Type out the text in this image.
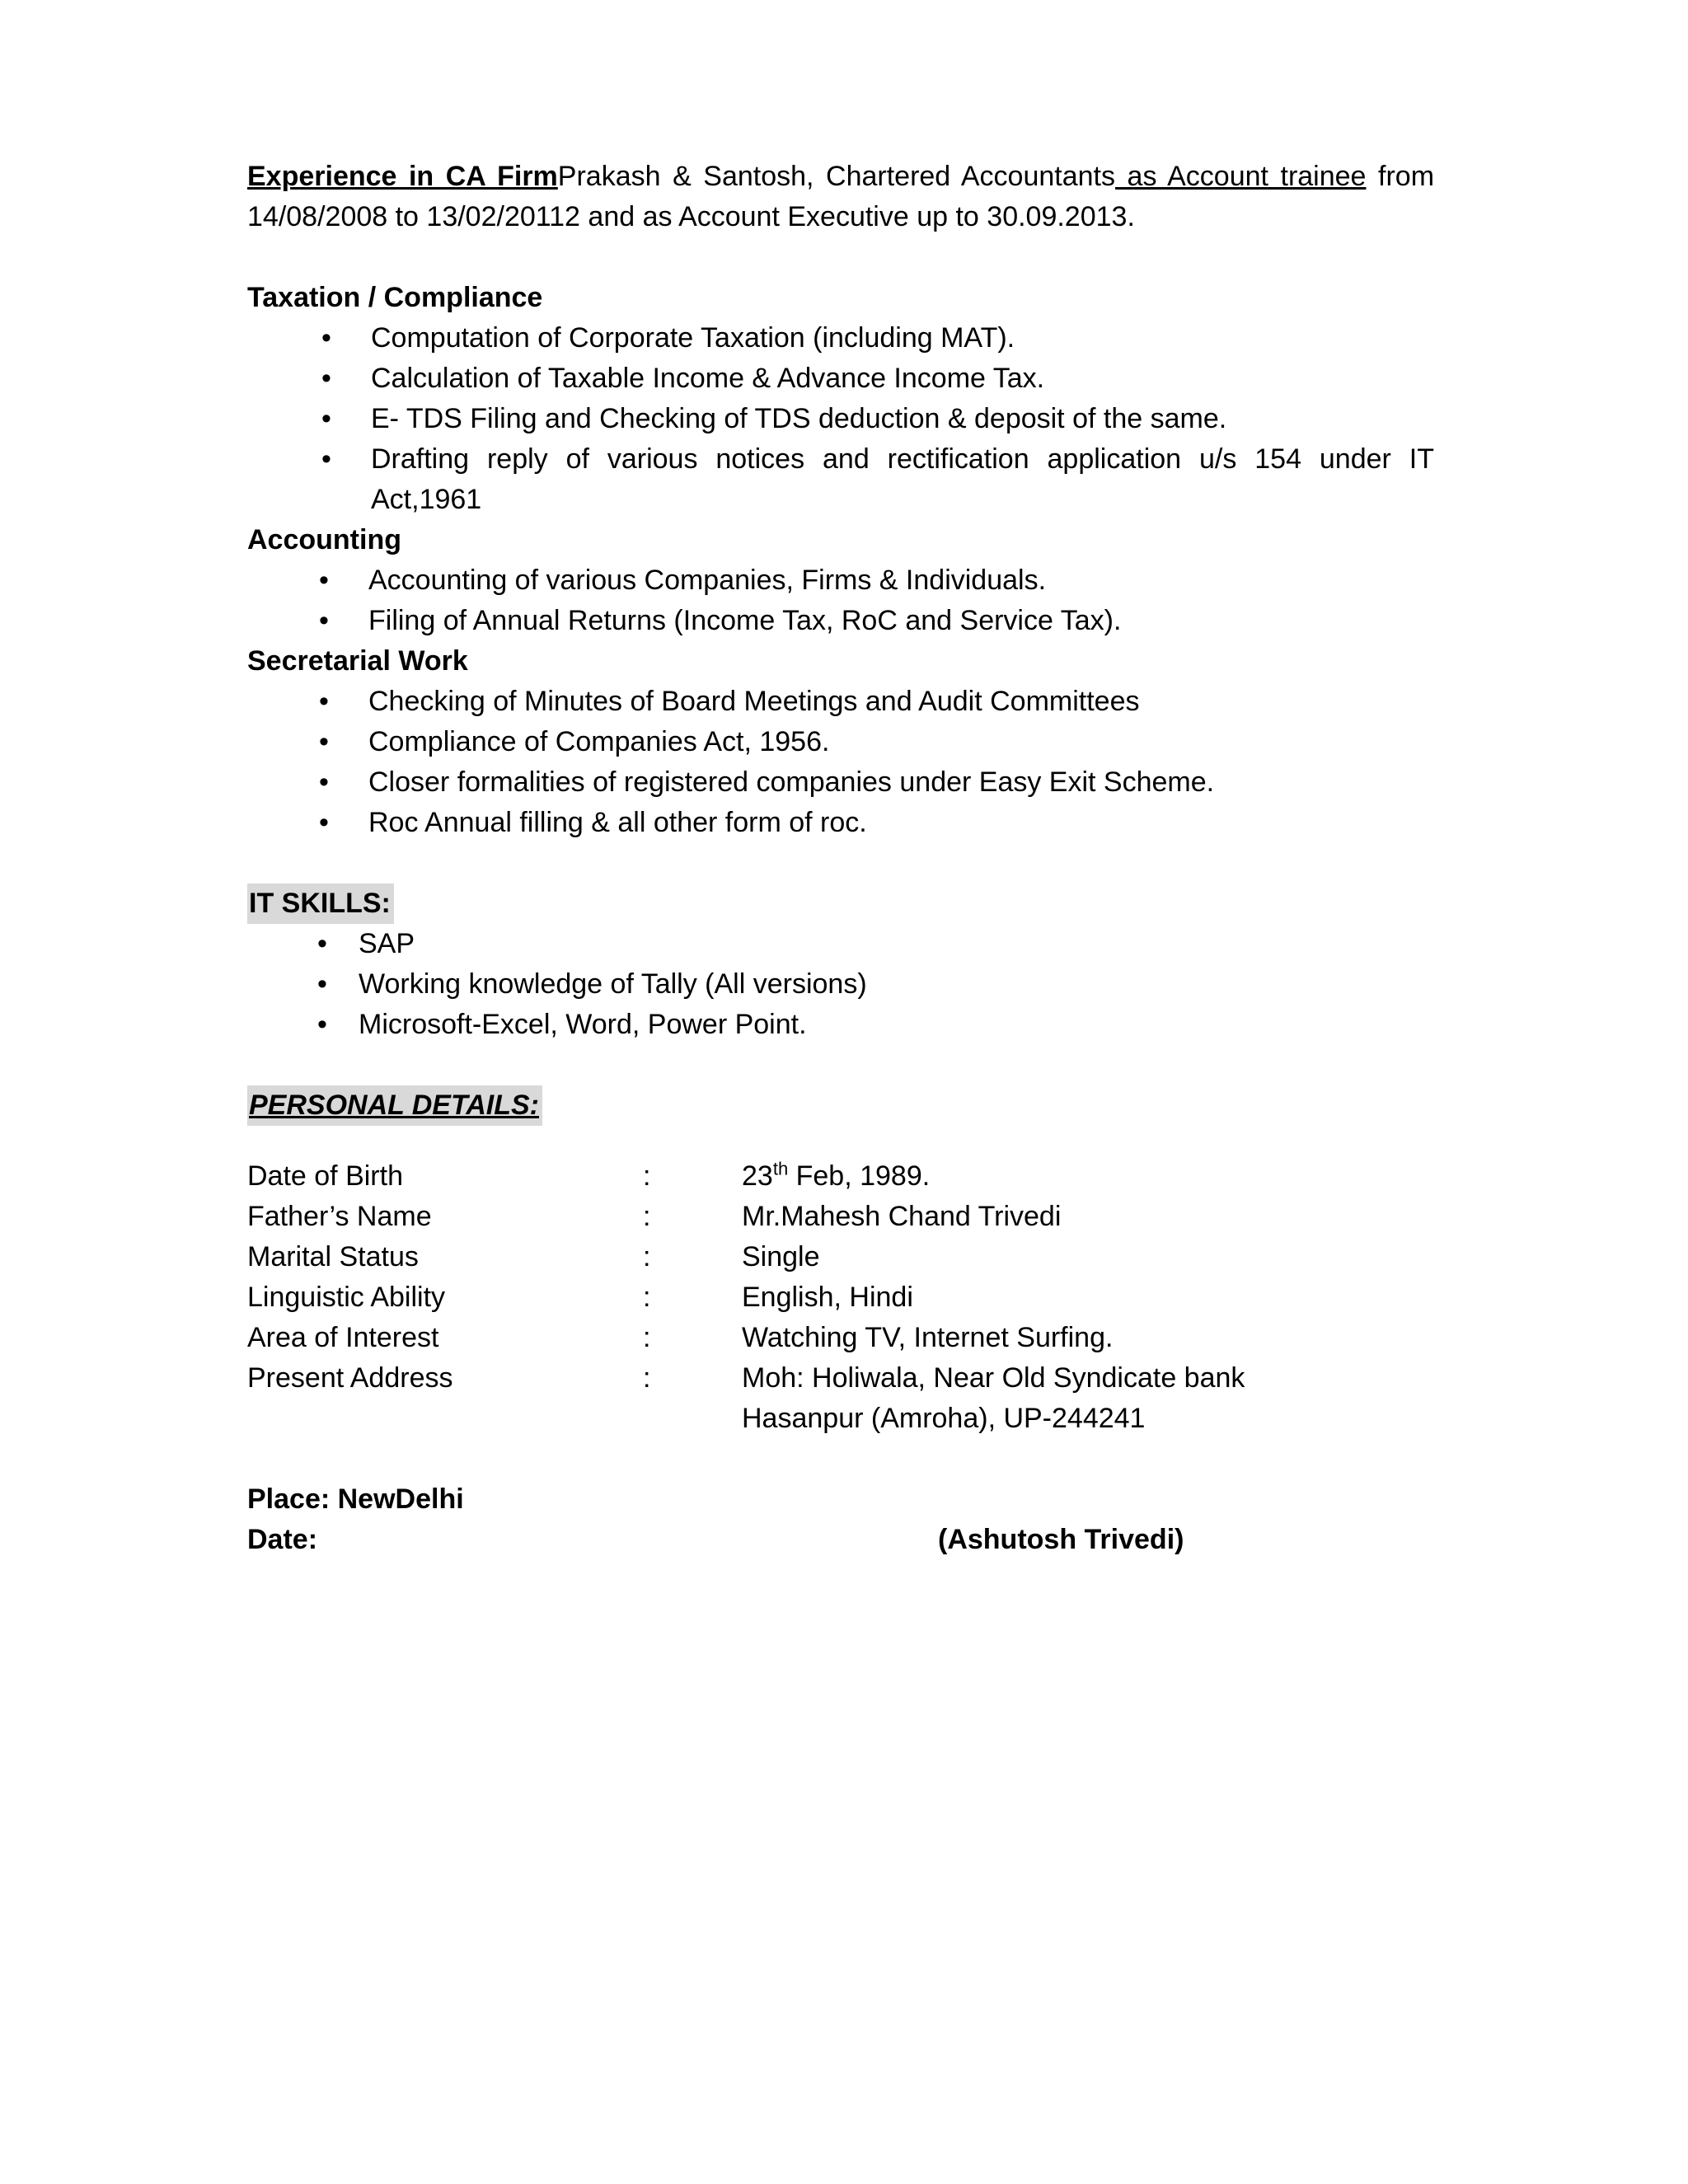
Experience in CA FirmPrakash & Santosh, Chartered Accountants as Account trainee from 14/08/2008 to 13/02/20112 and as Account Executive up to 30.09.2013.
Taxation / Compliance
• Computation of Corporate Taxation (including MAT).
• Calculation of Taxable Income & Advance Income Tax.
• E- TDS Filing and Checking of TDS deduction & deposit of the same.
• Drafting reply of various notices and rectification application u/s 154 under IT Act,1961
Accounting
• Accounting of various Companies, Firms & Individuals.
• Filing of Annual Returns (Income Tax, RoC and Service Tax).
Secretarial Work
• Checking of Minutes of Board Meetings and Audit Committees
• Compliance of Companies Act, 1956.
• Closer formalities of registered companies under Easy Exit Scheme.
• Roc Annual filling & all other form of roc.
IT SKILLS:
• SAP
• Working knowledge of Tally (All versions)
• Microsoft-Excel, Word, Power Point.
PERSONAL DETAILS:
Date of Birth	:	23th Feb, 1989.
Father’s Name	:	Mr.Mahesh Chand Trivedi
Marital Status	:	Single
Linguistic Ability	:	English, Hindi
Area of Interest	:	Watching TV, Internet Surfing.
Present Address	:	Moh: Holiwala, Near Old Syndicate bank
Hasanpur (Amroha), UP-244241
Place: NewDelhi
Date:	(Ashutosh Trivedi)
